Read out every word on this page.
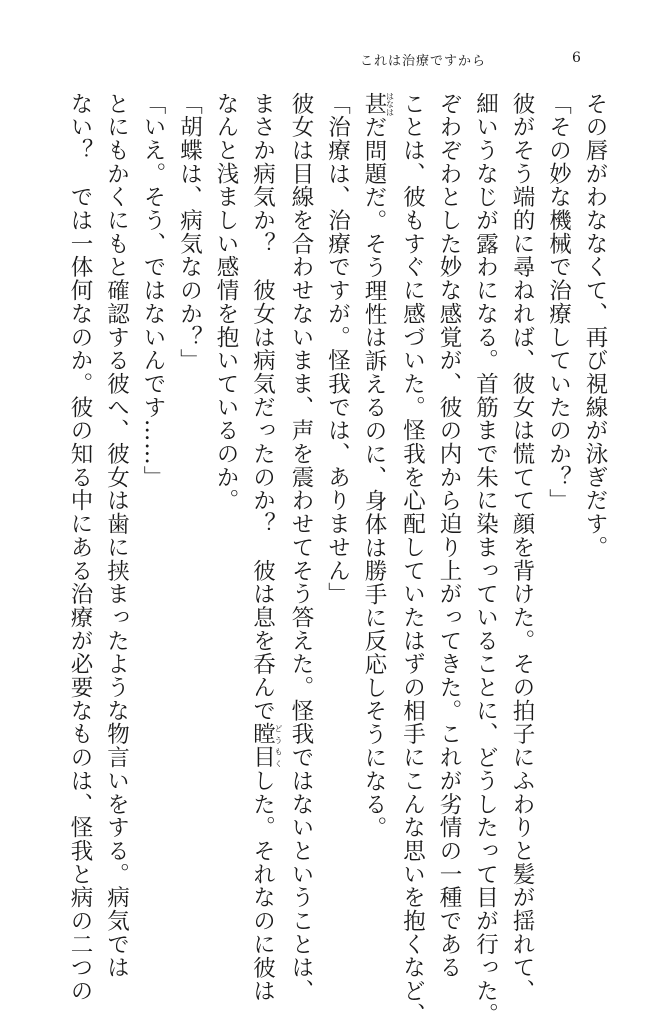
これは治療ですから	6

その唇がわななくて、再び視線が泳ぎだす。

「その妙な機械で治療していたのか？」

彼がそう端的に尋ねれば、彼女は慌てて顔を背けた。その拍子にふわりと髪が揺れて、

細いうなじが露わになる。首筋まで朱に染まっていることに、どうしたって目が行った。

ぞわぞわとした妙な感覚が、彼の内から迫り上がってきた。これが劣情の一種である

ことは、彼もすぐに感づいた。怪我を心配していたはずの相手にこんな思いを抱くなど、

甚はなはだ問題だ。そう理性は訴えるのに、身体は勝手に反応しそうになる。

「治療は、治療ですが。怪我では、ありません」

彼女は目線を合わせないまま、声を震わせてそう答えた。怪我ではないということは、

まさか病気か？　彼女は病気だったのか？　彼は息を呑んで瞠目どうもくした。それなのに彼は

なんと浅ましい感情を抱いているのか。

「胡蝶は、病気なのか？」

「いえ。そう、ではないんです……」

とにもかくにもと確認する彼へ、彼女は歯に挟まったような物言いをする。病気では

ない？　では一体何なのか。彼の知る中にある治療が必要なものは、怪我と病の二つの
